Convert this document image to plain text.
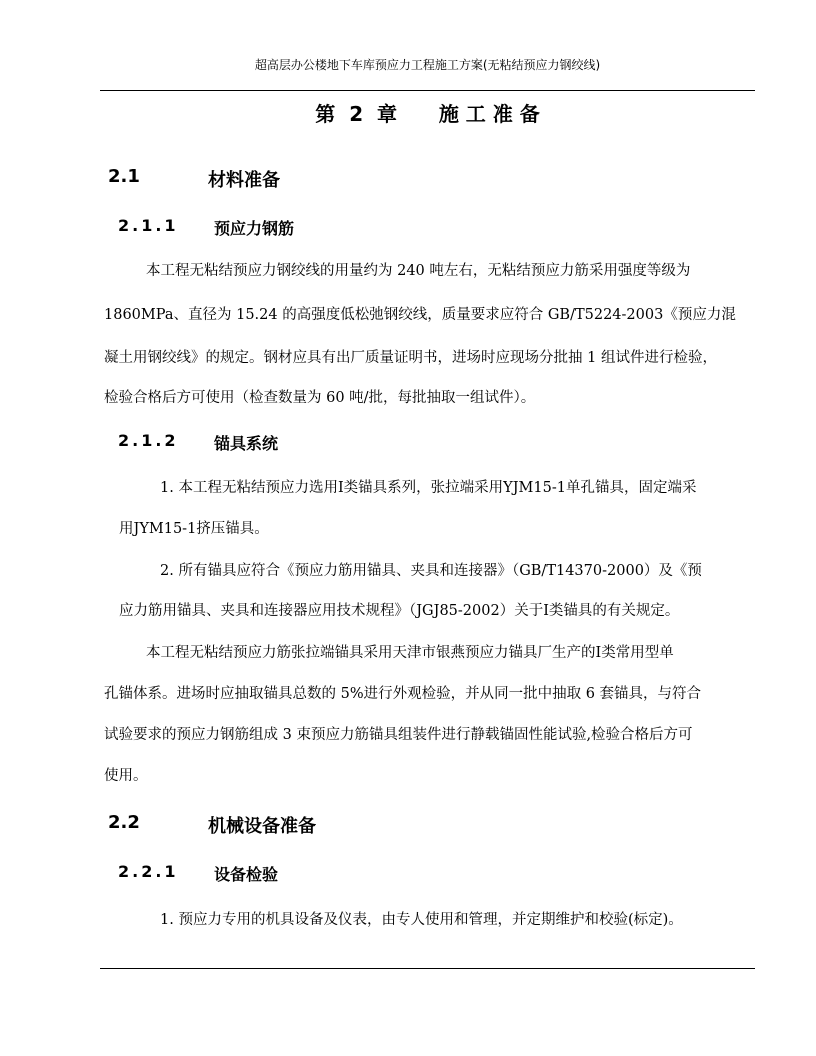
超高层办公楼地下车库预应力工程施工方案(无粘结预应力钢绞线)
第  2  章      施 工 准 备
2.1	材料准备
2.1.1 预应力钢筋
本工程无粘结预应力钢绞线的用量约为 240 吨左右，无粘结预应力筋采用强度等级为
1860MPa、直径为 15.24 的高强度低松弛钢绞线，质量要求应符合 GB/T5224-2003《预应力混
凝土用钢绞线》的规定。钢材应具有出厂质量证明书，进场时应现场分批抽 1 组试件进行检验，
检验合格后方可使用（检查数量为 60 吨/批，每批抽取一组试件）。
2.1.2 锚具系统
1. 本工程无粘结预应力选用Ⅰ类锚具系列，张拉端采用YJM15-1单孔锚具，固定端采
用JYM15-1挤压锚具。
2. 所有锚具应符合《预应力筋用锚具、夹具和连接器》（GB/T14370-2000）及《预
应力筋用锚具、夹具和连接器应用技术规程》（JGJ85-2002）关于Ⅰ类锚具的有关规定。
本工程无粘结预应力筋张拉端锚具采用天津市银燕预应力锚具厂生产的Ⅰ类常用型单
孔锚体系。进场时应抽取锚具总数的 5%进行外观检验，并从同一批中抽取 6 套锚具，与符合
试验要求的预应力钢筋组成 3 束预应力筋锚具组装件进行静载锚固性能试验,检验合格后方可
使用。
2.2	机械设备准备
2.2.1 设备检验
1. 预应力专用的机具设备及仪表，由专人使用和管理，并定期维护和校验(标定)。
